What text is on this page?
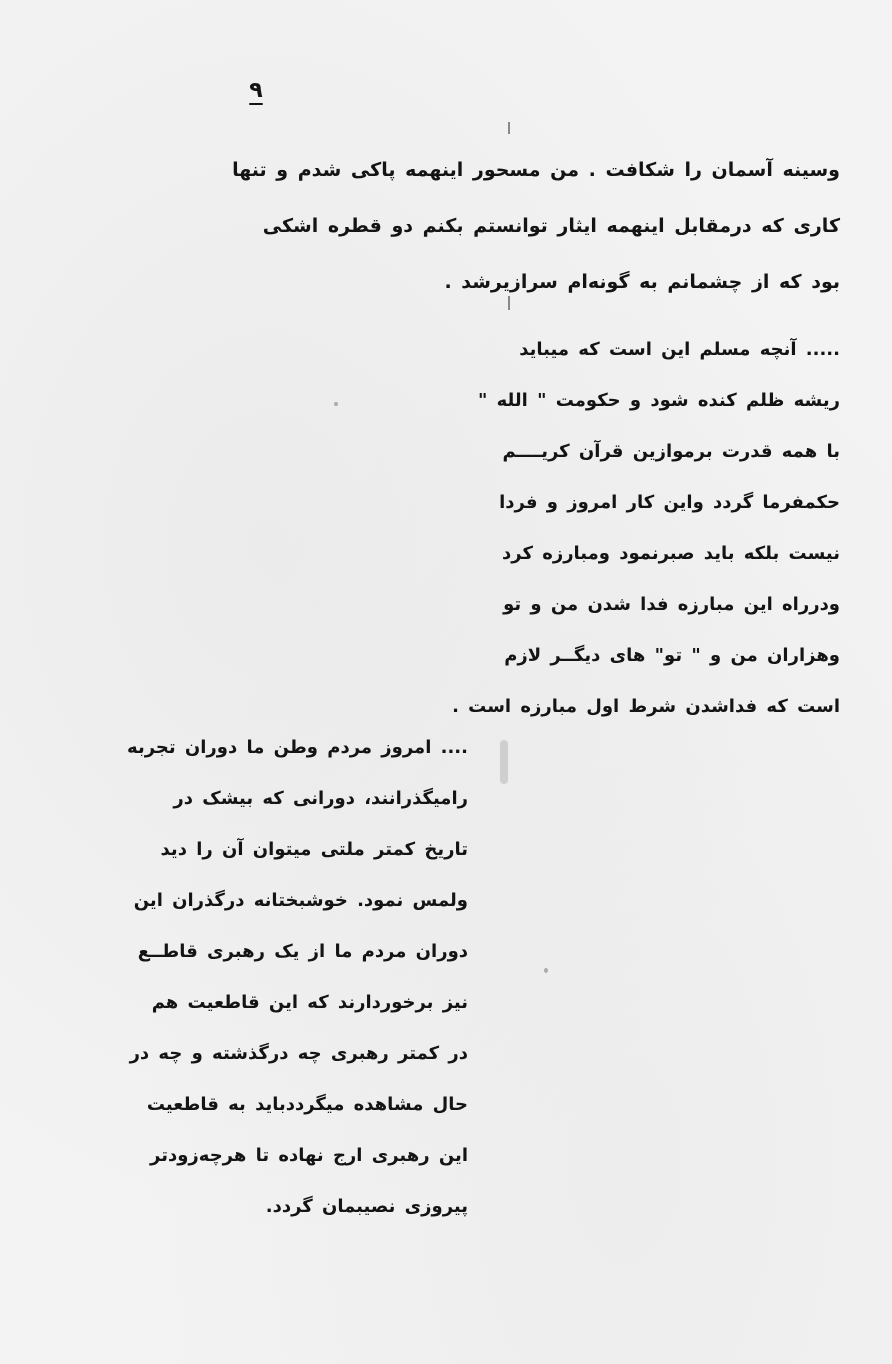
۹
وسینه آسمان را شکافت . من مسحور اینهمه پاکی شدم و تنها
کاری که درمقابل اینهمه ایثار توانستم بکنم دو قطره اشکی
بود که از چشمانم به گونه‌ام سرازیرشد .
..... آنچه مسلم این است که میباید
ریشه ظلم کنده شود و حکومت " الله "
با همه قدرت برموازین قرآن کریــــم
حکمفرما گردد واین کار امروز و فردا
نیست بلکه باید صبرنمود ومبارزه کرد
ودرراه این مبارزه فدا شدن من و تو
وهزاران من و " تو" های دیگــر لازم
است که فداشدن شرط اول مبارزه است .
.... امروز مردم وطن ما دوران تجربه
رامیگذرانند، دورانی که بیشک در
تاریخ کمتر ملتی میتوان آن را دید
ولمس نمود. خوشبختانه درگذران این
دوران مردم ما از یک رهبری قاطــع
نیز برخوردارند که این قاطعیت هم
در کمتر رهبری چه درگذشته و چه در
حال مشاهده میگرددباید به قاطعیت
این رهبری ارج نهاده تا هرچه‌زودتر
پیروزی نصیبمان گردد.
